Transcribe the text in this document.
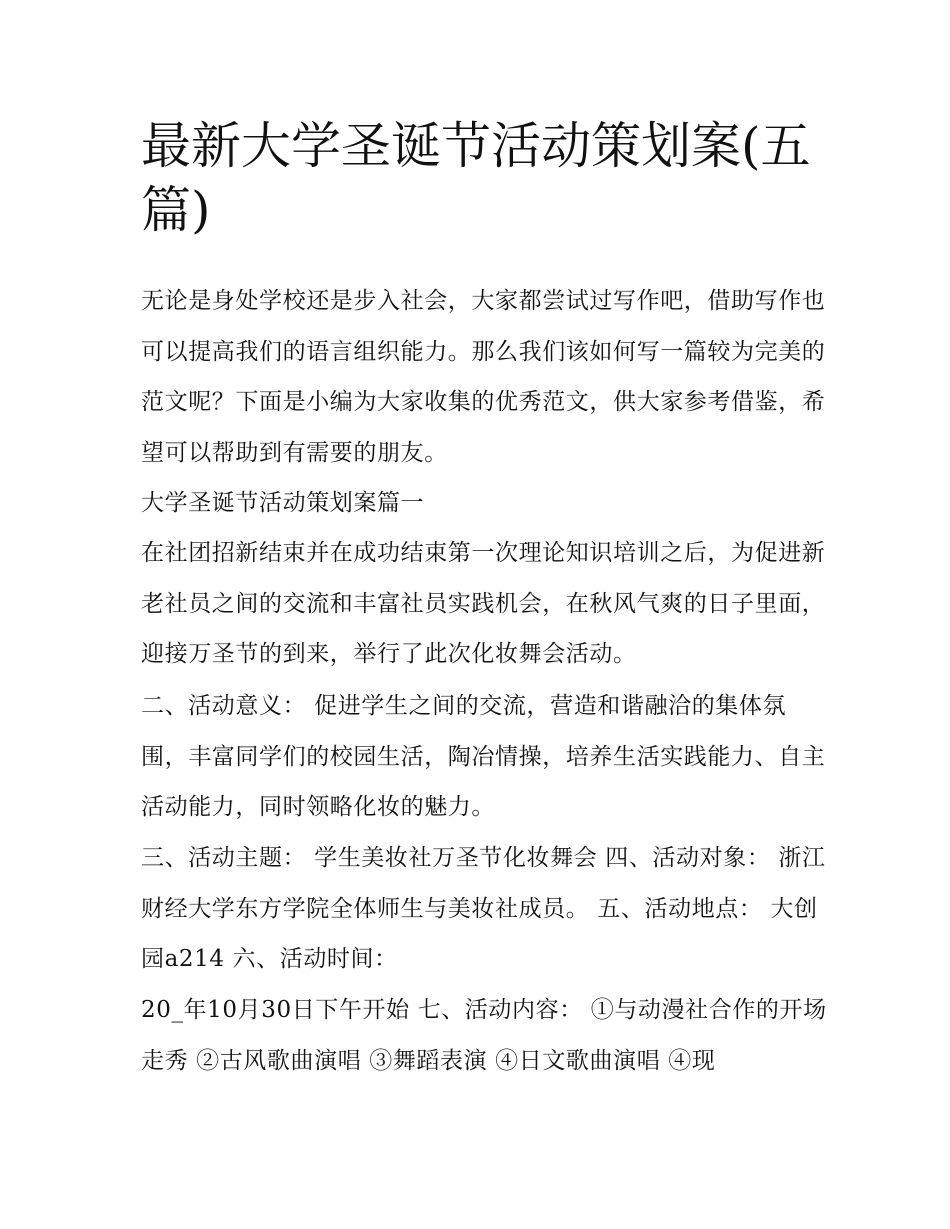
最新大学圣诞节活动策划案(五篇)

无论是身处学校还是步入社会，大家都尝试过写作吧，借助写作也可以提高我们的语言组织能力。那么我们该如何写一篇较为完美的范文呢？下面是小编为大家收集的优秀范文，供大家参考借鉴，希望可以帮助到有需要的朋友。

大学圣诞节活动策划案篇一

在社团招新结束并在成功结束第一次理论知识培训之后，为促进新老社员之间的交流和丰富社员实践机会，在秋风气爽的日子里面，迎接万圣节的到来，举行了此次化妆舞会活动。

二、活动意义： 促进学生之间的交流，营造和谐融洽的集体氛围，丰富同学们的校园生活，陶冶情操，培养生活实践能力、自主活动能力，同时领略化妆的魅力。

三、活动主题： 学生美妆社万圣节化妆舞会 四、活动对象： 浙江财经大学东方学院全体师生与美妆社成员。 五、活动地点： 大创园a214 六、活动时间：

20_年10月30日下午开始 七、活动内容： ①与动漫社合作的开场走秀 ②古风歌曲演唱 ③舞蹈表演 ④日文歌曲演唱 ④现
